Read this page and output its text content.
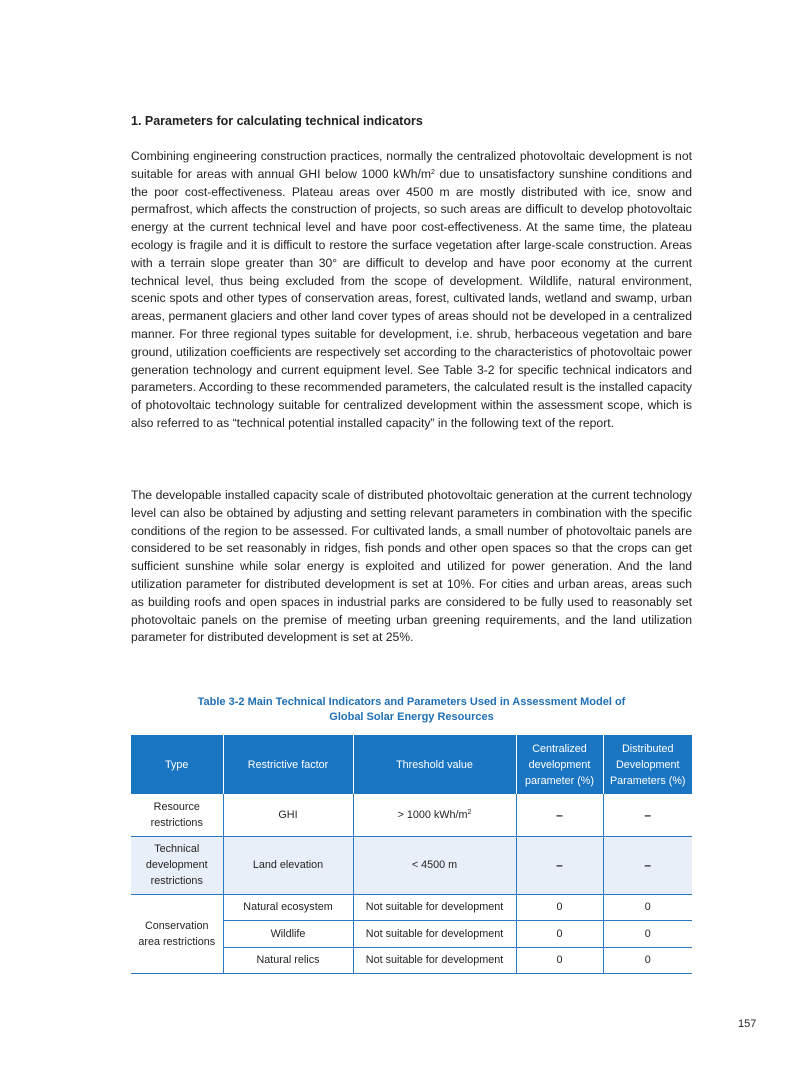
1. Parameters for calculating technical indicators

Combining engineering construction practices, normally the centralized photovoltaic development is not suitable for areas with annual GHI below 1000 kWh/$m^2$ due to unsatisfactory sunshine conditions and the poor cost-effectiveness. Plateau areas over 4500 m are mostly distributed with ice, snow and permafrost, which affects the construction of projects, so such areas are difficult to develop photovoltaic energy at the current technical level and have poor cost-effectiveness. At the same time, the plateau ecology is fragile and it is difficult to restore the surface vegetation after large-scale construction. Areas with a terrain slope greater than 30° are difficult to develop and have poor economy at the current technical level, thus being excluded from the scope of development. Wildlife, natural environment, scenic spots and other types of conservation areas, forest, cultivated lands, wetland and swamp, urban areas, permanent glaciers and other land cover types of areas should not be developed in a centralized manner. For three regional types suitable for development, i.e. shrub, herbaceous vegetation and bare ground, utilization coefficients are respectively set according to the characteristics of photovoltaic power generation technology and current equipment level. See Table 3-2 for specific technical indicators and parameters. According to these recommended parameters, the calculated result is the installed capacity of photovoltaic technology suitable for centralized development within the assessment scope, which is also referred to as “technical potential installed capacity” in the following text of the report.

The developable installed capacity scale of distributed photovoltaic generation at the current technology level can also be obtained by adjusting and setting relevant parameters in combination with the specific conditions of the region to be assessed. For cultivated lands, a small number of photovoltaic panels are considered to be set reasonably in ridges, fish ponds and other open spaces so that the crops can get sufficient sunshine while solar energy is exploited and utilized for power generation. And the land utilization parameter for distributed development is set at 10%. For cities and urban areas, areas such as building roofs and open spaces in industrial parks are considered to be fully used to reasonably set photovoltaic panels on the premise of meeting urban greening requirements, and the land utilization parameter for distributed development is set at 25%.

Table 3-2 Main Technical Indicators and Parameters Used in Assessment Model of
Global Solar Energy Resources
Type	Restrictive factor	Threshold value	Centralized development parameter (%)	Distributed Development Parameters (%)
Resource restrictions	GHI	> 1000 kWh/$m^2$	–	–
Technical development restrictions	Land elevation	< 4500 m	–	–
Conservation area restrictions	Natural ecosystem	Not suitable for development	0	0
	Wildlife	Not suitable for development	0	0
	Natural relics	Not suitable for development	0	0
157
